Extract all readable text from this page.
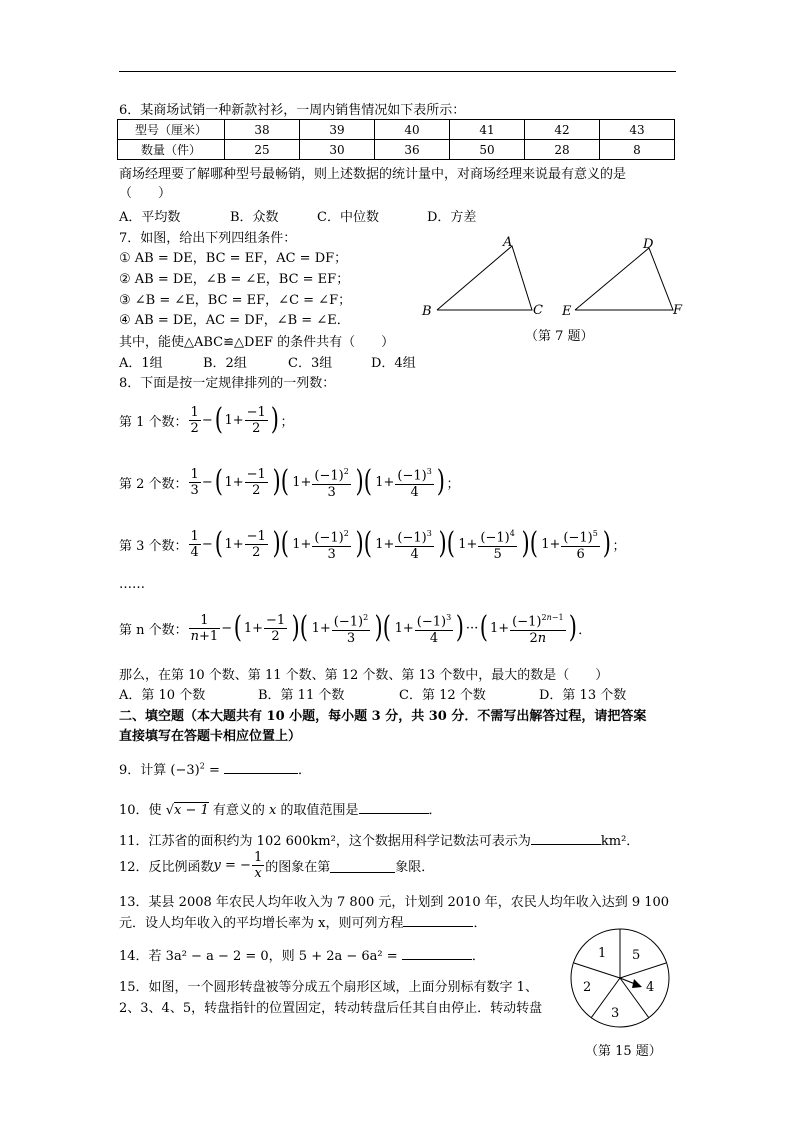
6．某商场试销一种新款衬衫，一周内销售情况如下表所示：
型号（厘米）	38	39	40	41	42	43
数量（件）	25	30	36	50	28	8
商场经理要了解哪种型号最畅销，则上述数据的统计量中，对商场经理来说最有意义的是
（　　）
A．平均数	B．众数	C．中位数	D．方差
7．如图，给出下列四组条件：
① AB = DE，BC = EF，AC = DF；
② AB = DE，∠B = ∠E，BC = EF；
③ ∠B = ∠E，BC = EF，∠C = ∠F；
④ AB = DE，AC = DF，∠B = ∠E．
其中，能使△ABC≌△DEF 的条件共有（　　）
A．1组	B．2组	C．3组	D．4组
A
B	C
D
E	F
（第 7 题）
8．下面是按一定规律排列的一列数：
第 1 个数： $\frac{1}{2}$ − ( $1+ \frac{-1}{2}$ ) ；
第 2 个数： $\frac{1}{3}$ − ( $1+ \frac{-1}{2}$ )( $1+ \frac{(-1)^2}{3}$ )( $1+ \frac{(-1)^3}{4}$ ) ；
第 3 个数： $\frac{1}{4}$ − ( $1+ \frac{-1}{2}$ )( $1+ \frac{(-1)^2}{3}$ )( $1+ \frac{(-1)^3}{4}$ )( $1+ \frac{(-1)^4}{5}$ )( $1+ \frac{(-1)^5}{6}$ ) ；
……
第 n 个数： $\frac{1}{n+1}$ − ( $1+ \frac{-1}{2}$ )( $1+ \frac{(-1)^2}{3}$ )( $1+ \frac{(-1)^3}{4}$ ) ··· ( $1+ \frac{(-1)^{2n-1}}{2n}$ ) ．
那么，在第 10 个数、第 11 个数、第 12 个数、第 13 个数中，最大的数是（　　）
A．第 10 个数	B．第 11 个数	C．第 12 个数	D．第 13 个数
二、填空题（本大题共有 10 小题，每小题 3 分，共 30 分．不需写出解答过程，请把答案
直接填写在答题卡相应位置上）
9．计算 $(-3)^2$ =	．
10．使 √x − 1 有意义的 x 的取值范围是	．
11．江苏省的面积约为 102 600km²，这个数据用科学记数法可表示为	km²．
12．反比例函数 y = − $\frac{1}{x}$ 的图象在第	象限．
13．某县 2008 年农民人均年收入为 7 800 元，计划到 2010 年，农民人均年收入达到 9 100
元．设人均年收入的平均增长率为 x，则可列方程	．
14．若 3a² − a − 2 = 0，则 5 + 2a − 6a² =	．
15．如图，一个圆形转盘被等分成五个扇形区域，上面分别标有数字 1、
2、3、4、5，转盘指针的位置固定，转动转盘后任其自由停止．转动转盘
1 5
4
3
2
（第 15 题）
